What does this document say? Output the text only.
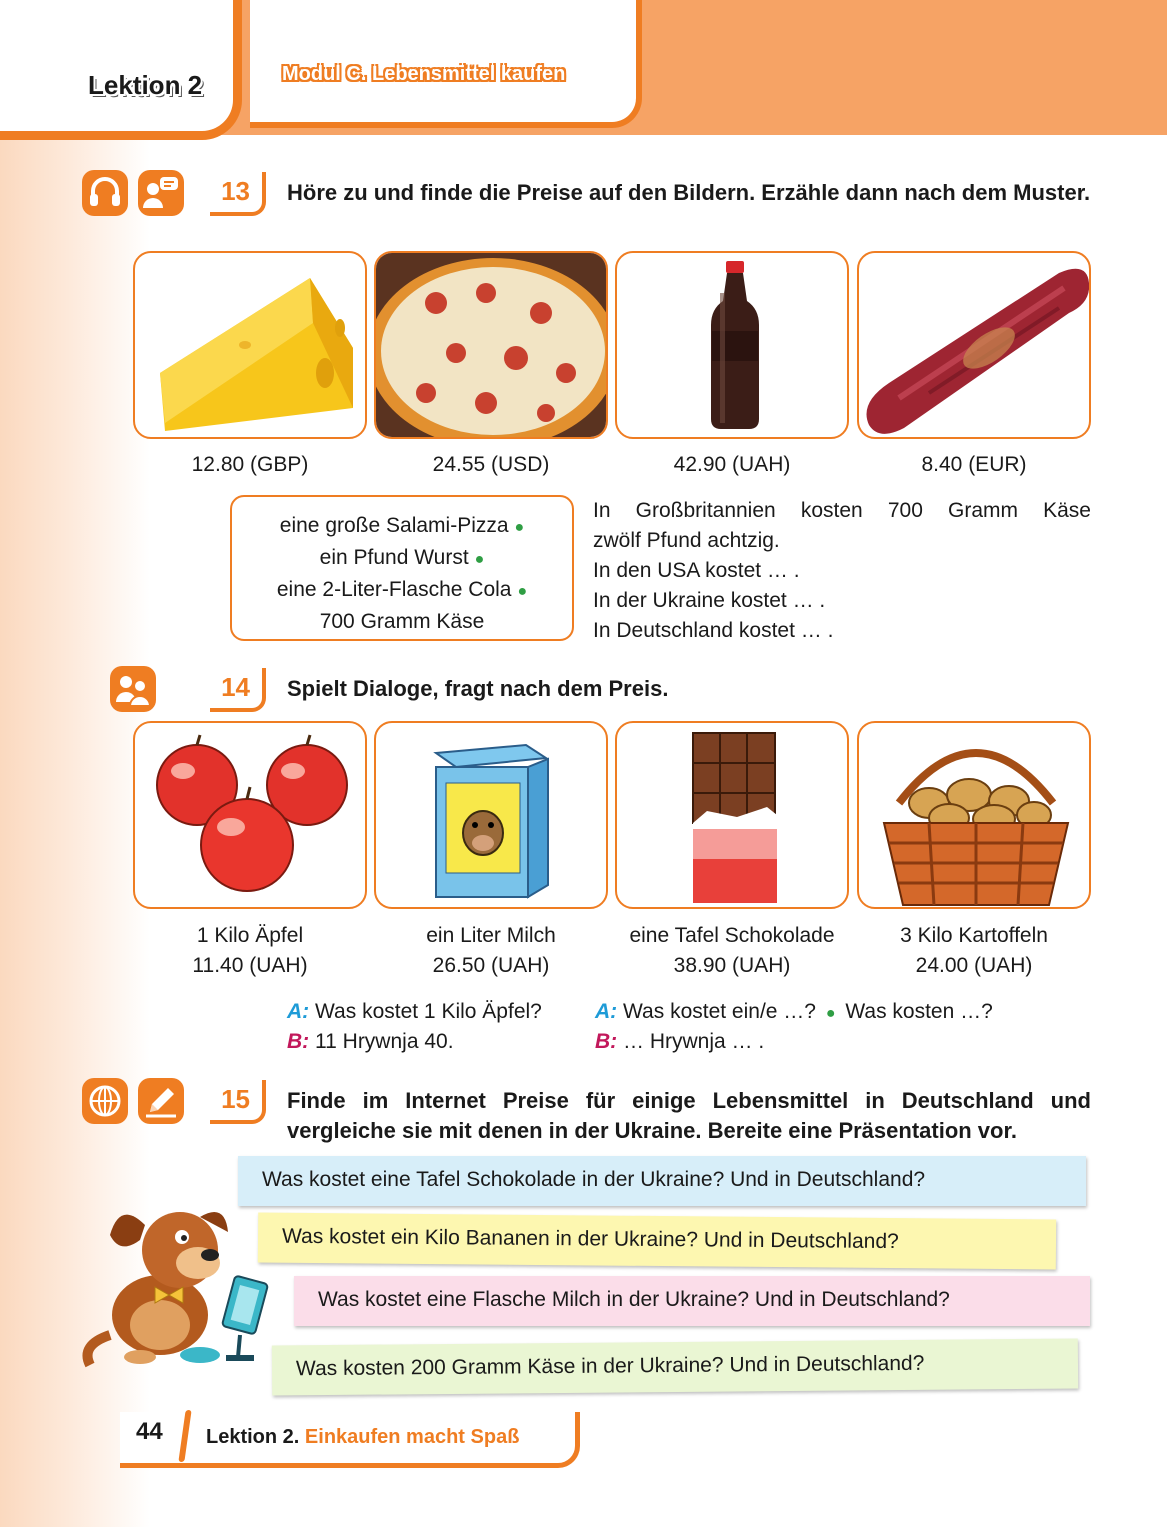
Lektion 2	Modul C. Lebensmittel kaufen
13 Höre zu und finde die Preise auf den Bildern. Erzähle dann nach dem Muster.
12.80 (GBP)	24.55 (USD)	42.90 (UAH)	8.40 (EUR)
eine große Salami-Pizza ●
ein Pfund Wurst ●
eine 2-Liter-Flasche Cola ●
700 Gramm Käse
In Großbritannien kosten 700 Gramm Käse
zwölf Pfund achtzig.
In den USA kostet … .
In der Ukraine kostet … .
In Deutschland kostet … .
14 Spielt Dialoge, fragt nach dem Preis.
1 Kilo Äpfel
11.40 (UAH)
ein Liter Milch
26.50 (UAH)
eine Tafel Schokolade
38.90 (UAH)
3 Kilo Kartoffeln
24.00 (UAH)
A: Was kostet 1 Kilo Äpfel?
B: 11 Hrywnja 40.
A: Was kostet ein/e …? ● Was kosten …?
B: … Hrywnja … .
15 Finde im Internet Preise für einige Lebensmittel in Deutschland und vergleiche sie mit denen in der Ukraine. Bereite eine Präsentation vor.
Was kostet eine Tafel Schokolade in der Ukraine? Und in Deutschland?
Was kostet ein Kilo Bananen in der Ukraine? Und in Deutschland?
Was kostet eine Flasche Milch in der Ukraine? Und in Deutschland?
Was kosten 200 Gramm Käse in der Ukraine? Und in Deutschland?
44 Lektion 2. Einkaufen macht Spaß
